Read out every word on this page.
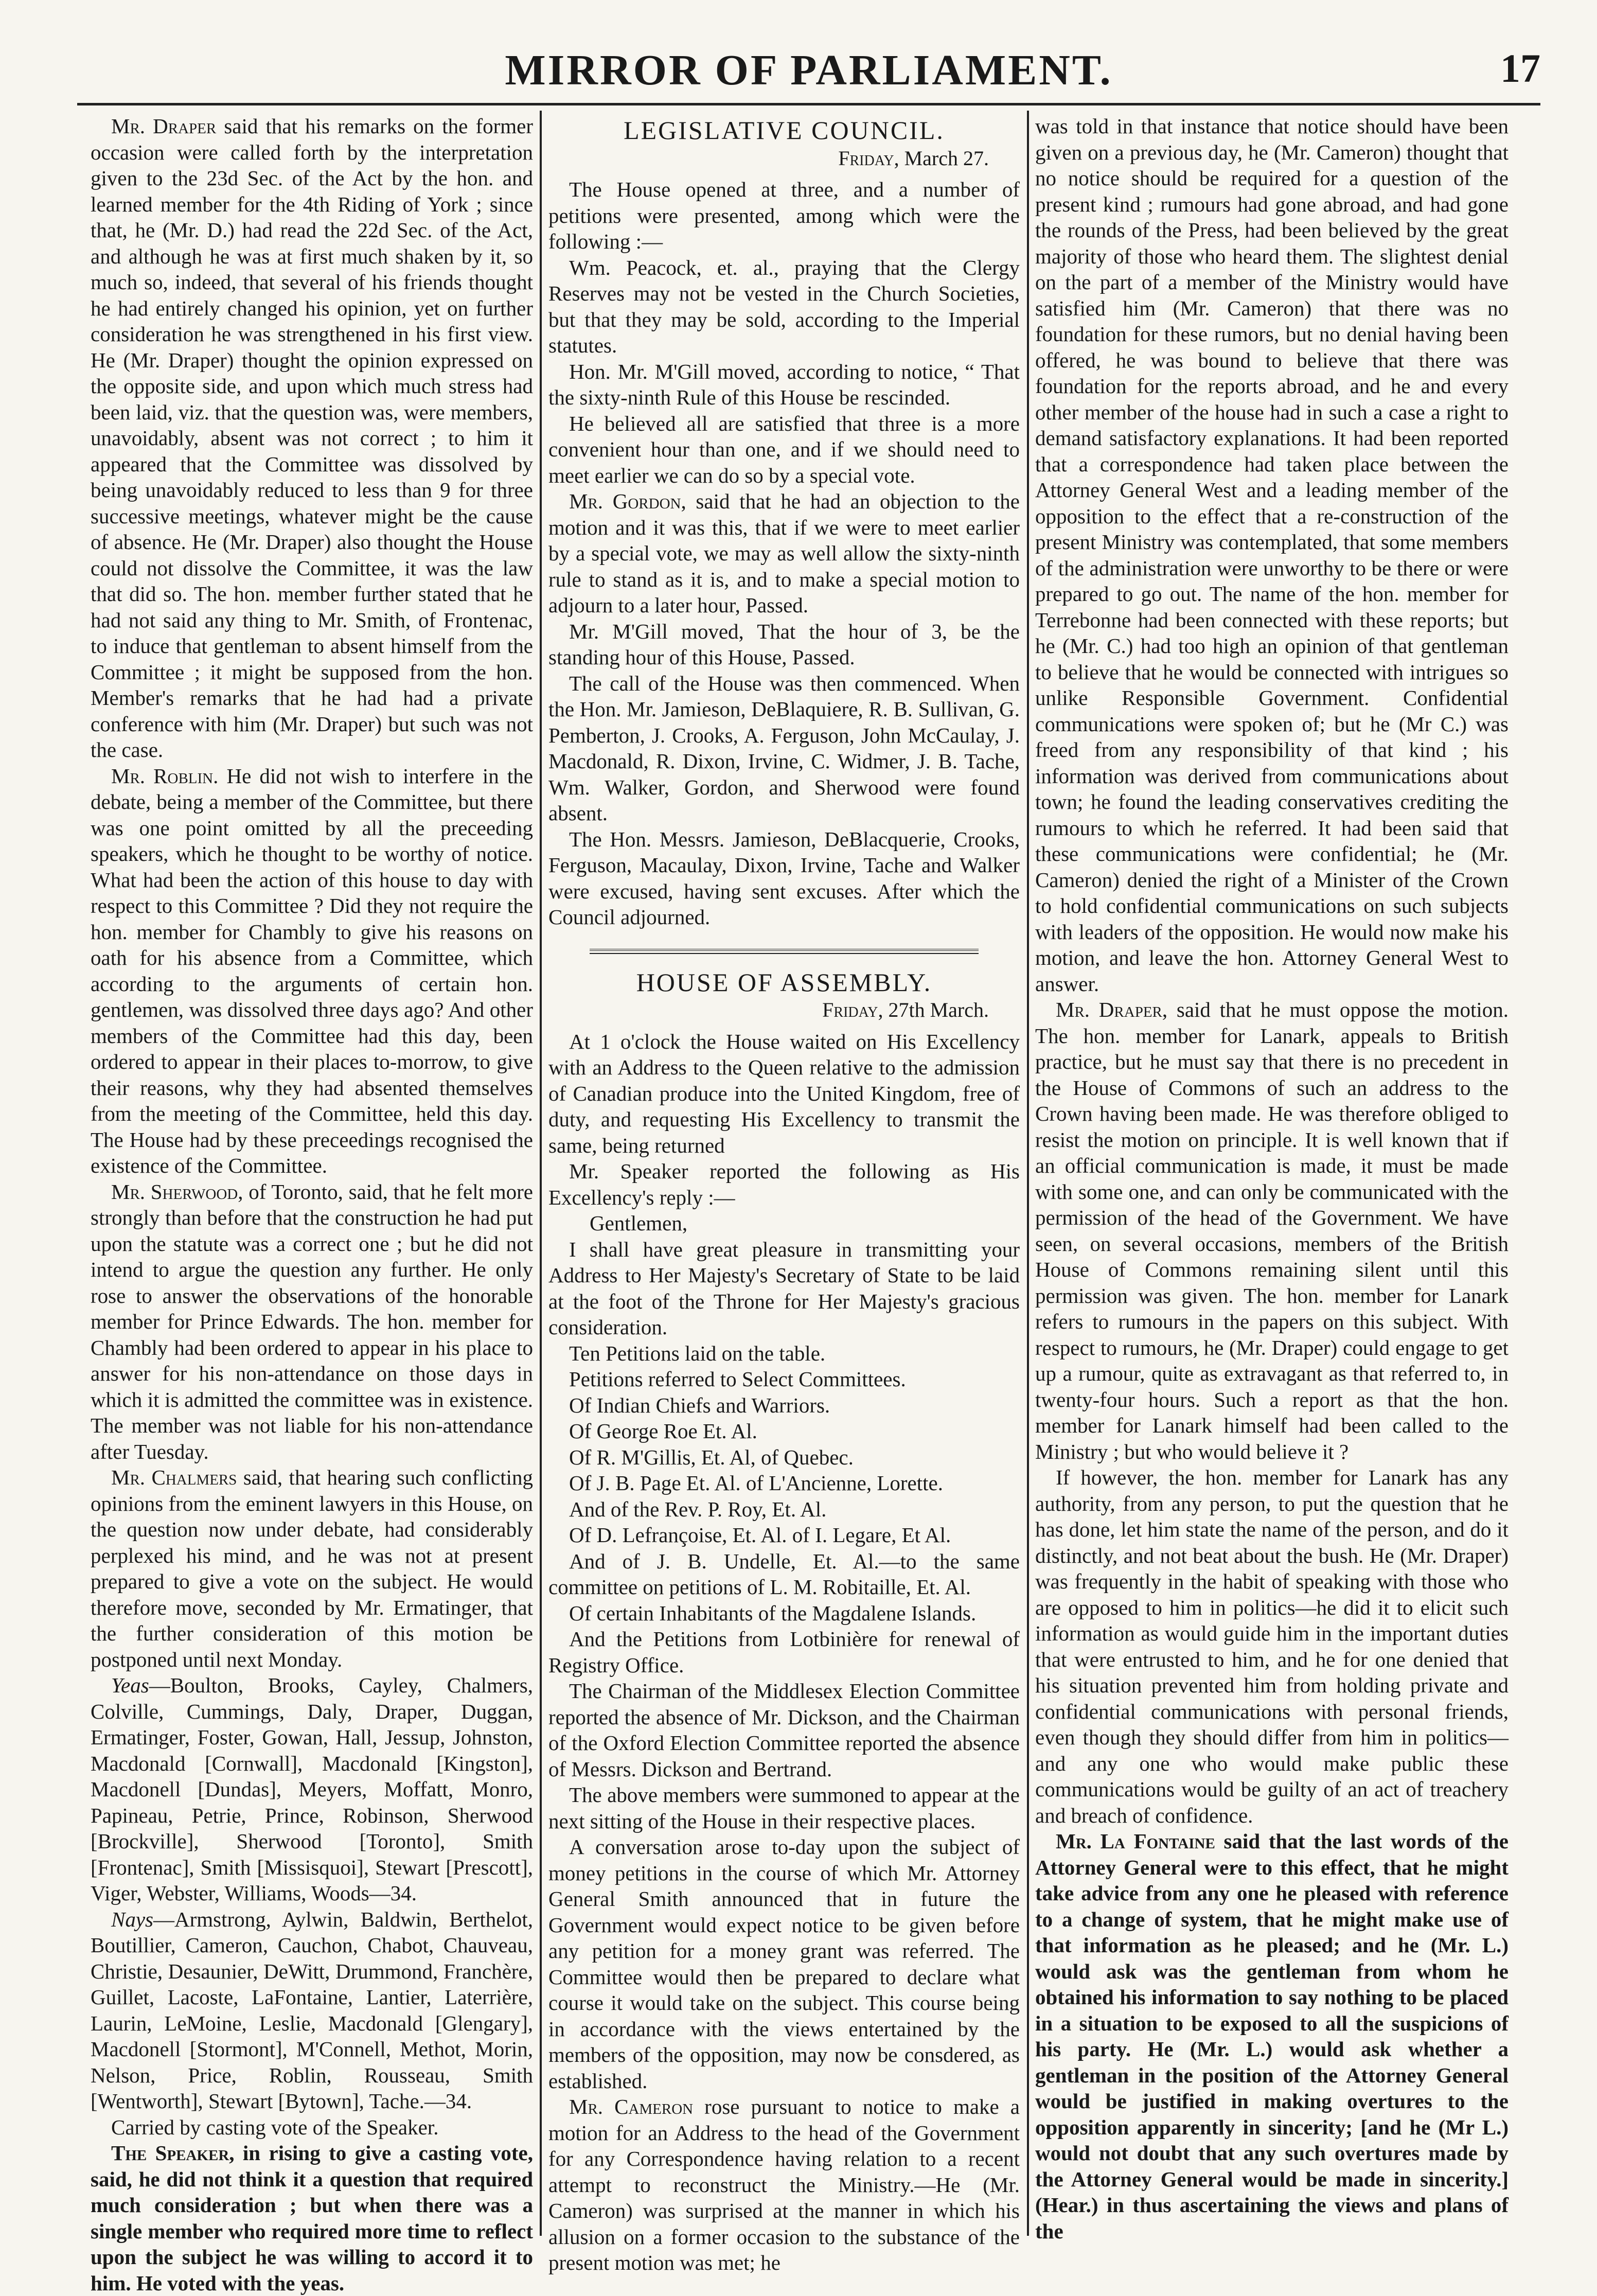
MIRROR OF PARLIAMENT.	17

Mr. Draper said that his remarks on the former occasion were called forth by the interpretation given to the 23d Sec. of the Act by the hon. and learned member for the 4th Riding of York ; since that, he (Mr. D.) had read the 22d Sec. of the Act, and although he was at first much shaken by it, so much so, indeed, that several of his friends thought he had entirely changed his opinion, yet on further consideration he was strengthened in his first view. He (Mr. Draper) thought the opinion expressed on the opposite side, and upon which much stress had been laid, viz. that the question was, were members, unavoidably, absent was not correct ; to him it appeared that the Committee was dissolved by being unavoidably reduced to less than 9 for three successive meetings, whatever might be the cause of absence. He (Mr. Draper) also thought the House could not dissolve the Committee, it was the law that did so. The hon. member further stated that he had not said any thing to Mr. Smith, of Frontenac, to induce that gentleman to absent himself from the Committee ; it might be supposed from the hon. Member's remarks that he had had a private conference with him (Mr. Draper) but such was not the case.

Mr. Roblin. He did not wish to interfere in the debate, being a member of the Committee, but there was one point omitted by all the preceeding speakers, which he thought to be worthy of notice. What had been the action of this house to day with respect to this Committee ? Did they not require the hon. member for Chambly to give his reasons on oath for his absence from a Committee, which according to the arguments of certain hon. gentlemen, was dissolved three days ago? And other members of the Committee had this day, been ordered to appear in their places to-morrow, to give their reasons, why they had absented themselves from the meeting of the Committee, held this day. The House had by these preceedings recognised the existence of the Committee.

Mr. Sherwood, of Toronto, said, that he felt more strongly than before that the construction he had put upon the statute was a correct one ; but he did not intend to argue the question any further. He only rose to answer the observations of the honorable member for Prince Edwards. The hon. member for Chambly had been ordered to appear in his place to answer for his non-attendance on those days in which it is admitted the committee was in existence. The member was not liable for his non-attendance after Tuesday.

Mr. Chalmers said, that hearing such conflicting opinions from the eminent lawyers in this House, on the question now under debate, had considerably perplexed his mind, and he was not at present prepared to give a vote on the subject. He would therefore move, seconded by Mr. Ermatinger, that the further consideration of this motion be postponed until next Monday.

Yeas—Boulton, Brooks, Cayley, Chalmers, Colville, Cummings, Daly, Draper, Duggan, Ermatinger, Foster, Gowan, Hall, Jessup, Johnston, Macdonald [Cornwall], Macdonald [Kingston], Macdonell [Dundas], Meyers, Moffatt, Monro, Papineau, Petrie, Prince, Robinson, Sherwood [Brockville], Sherwood [Toronto], Smith [Frontenac], Smith [Missisquoi], Stewart [Prescott], Viger, Webster, Williams, Woods—34.

Nays—Armstrong, Aylwin, Baldwin, Berthelot, Boutillier, Cameron, Cauchon, Chabot, Chauveau, Christie, Desaunier, DeWitt, Drummond, Franchère, Guillet, Lacoste, LaFontaine, Lantier, Laterrière, Laurin, LeMoine, Leslie, Macdonald [Glengary], Macdonell [Stormont], M'Connell, Methot, Morin, Nelson, Price, Roblin, Rousseau, Smith [Wentworth], Stewart [Bytown], Tache.—34.

Carried by casting vote of the Speaker.

The Speaker, in rising to give a casting vote, said, he did not think it a question that required much consideration ; but when there was a single member who required more time to reflect upon the subject he was willing to accord it to him. He voted with the yeas.

LEGISLATIVE COUNCIL.

Friday, March 27.

The House opened at three, and a number of petitions were presented, among which were the following :—

Wm. Peacock, et. al., praying that the Clergy Reserves may not be vested in the Church Societies, but that they may be sold, according to the Imperial statutes.

Hon. Mr. M'Gill moved, according to notice, “ That the sixty-ninth Rule of this House be rescinded.

He believed all are satisfied that three is a more convenient hour than one, and if we should need to meet earlier we can do so by a special vote.

Mr. Gordon, said that he had an objection to the motion and it was this, that if we were to meet earlier by a special vote, we may as well allow the sixty-ninth rule to stand as it is, and to make a special motion to adjourn to a later hour, Passed.

Mr. M'Gill moved, That the hour of 3, be the standing hour of this House, Passed.

The call of the House was then commenced. When the Hon. Mr. Jamieson, DeBlaquiere, R. B. Sullivan, G. Pemberton, J. Crooks, A. Ferguson, John McCaulay, J. Macdonald, R. Dixon, Irvine, C. Widmer, J. B. Tache, Wm. Walker, Gordon, and Sherwood were found absent.

The Hon. Messrs. Jamieson, DeBlacquerie, Crooks, Ferguson, Macaulay, Dixon, Irvine, Tache and Walker were excused, having sent excuses. After which the Council adjourned.

HOUSE OF ASSEMBLY.

Friday, 27th March.

At 1 o'clock the House waited on His Excellency with an Address to the Queen relative to the admission of Canadian produce into the United Kingdom, free of duty, and requesting His Excellency to transmit the same, being returned

Mr. Speaker reported the following as His Excellency's reply :—

Gentlemen,

I shall have great pleasure in transmitting your Address to Her Majesty's Secretary of State to be laid at the foot of the Throne for Her Majesty's gracious consideration.

Ten Petitions laid on the table.

Petitions referred to Select Committees.

Of Indian Chiefs and Warriors.

Of George Roe Et. Al.

Of R. M'Gillis, Et. Al, of Quebec.

Of J. B. Page Et. Al. of L'Ancienne, Lorette.

And of the Rev. P. Roy, Et. Al.

Of D. Lefrançoise, Et. Al. of I. Legare, Et Al.

And of J. B. Undelle, Et. Al.—to the same committee on petitions of L. M. Robitaille, Et. Al.

Of certain Inhabitants of the Magdalene Islands.

And the Petitions from Lotbinière for renewal of Registry Office.

The Chairman of the Middlesex Election Committee reported the absence of Mr. Dickson, and the Chairman of the Oxford Election Committee reported the absence of Messrs. Dickson and Bertrand.

The above members were summoned to appear at the next sitting of the House in their respective places.

A conversation arose to-day upon the subject of money petitions in the course of which Mr. Attorney General Smith announced that in future the Government would expect notice to be given before any petition for a money grant was referred. The Committee would then be prepared to declare what course it would take on the subject. This course being in accordance with the views entertained by the members of the opposition, may now be consdered, as established.

Mr. Cameron rose pursuant to notice to make a motion for an Address to the head of the Government for any Correspondence having relation to a recent attempt to reconstruct the Ministry.—He (Mr. Cameron) was surprised at the manner in which his allusion on a former occasion to the substance of the present motion was met; he

was told in that instance that notice should have been given on a previous day, he (Mr. Cameron) thought that no notice should be required for a question of the present kind ; rumours had gone abroad, and had gone the rounds of the Press, had been believed by the great majority of those who heard them. The slightest denial on the part of a member of the Ministry would have satisfied him (Mr. Cameron) that there was no foundation for these rumors, but no denial having been offered, he was bound to believe that there was foundation for the reports abroad, and he and every other member of the house had in such a case a right to demand satisfactory explanations. It had been reported that a correspondence had taken place between the Attorney General West and a leading member of the opposition to the effect that a re-construction of the present Ministry was contemplated, that some members of the administration were unworthy to be there or were prepared to go out. The name of the hon. member for Terrebonne had been connected with these reports; but he (Mr. C.) had too high an opinion of that gentleman to believe that he would be connected with intrigues so unlike Responsible Government. Confidential communications were spoken of; but he (Mr C.) was freed from any responsibility of that kind ; his information was derived from communications about town; he found the leading conservatives crediting the rumours to which he referred. It had been said that these communications were confidential; he (Mr. Cameron) denied the right of a Minister of the Crown to hold confidential communications on such subjects with leaders of the opposition. He would now make his motion, and leave the hon. Attorney General West to answer.

Mr. Draper, said that he must oppose the motion. The hon. member for Lanark, appeals to British practice, but he must say that there is no precedent in the House of Commons of such an address to the Crown having been made. He was therefore obliged to resist the motion on principle. It is well known that if an official communication is made, it must be made with some one, and can only be communicated with the permission of the head of the Government. We have seen, on several occasions, members of the British House of Commons remaining silent until this permission was given. The hon. member for Lanark refers to rumours in the papers on this subject. With respect to rumours, he (Mr. Draper) could engage to get up a rumour, quite as extravagant as that referred to, in twenty-four hours. Such a report as that the hon. member for Lanark himself had been called to the Ministry ; but who would believe it ?

If however, the hon. member for Lanark has any authority, from any person, to put the question that he has done, let him state the name of the person, and do it distinctly, and not beat about the bush. He (Mr. Draper) was frequently in the habit of speaking with those who are opposed to him in politics—he did it to elicit such information as would guide him in the important duties that were entrusted to him, and he for one denied that his situation prevented him from holding private and confidential communications with personal friends, even though they should differ from him in politics—and any one who would make public these communications would be guilty of an act of treachery and breach of confidence.

Mr. La Fontaine said that the last words of the Attorney General were to this effect, that he might take advice from any one he pleased with reference to a change of system, that he might make use of that information as he pleased; and he (Mr. L.) would ask was the gentleman from whom he obtained his information to say nothing to be placed in a situation to be exposed to all the suspicions of his party. He (Mr. L.) would ask whether a gentleman in the position of the Attorney General would be justified in making overtures to the opposition apparently in sincerity; [and he (Mr L.) would not doubt that any such overtures made by the Attorney General would be made in sincerity.] (Hear.) in thus ascertaining the views and plans of the
